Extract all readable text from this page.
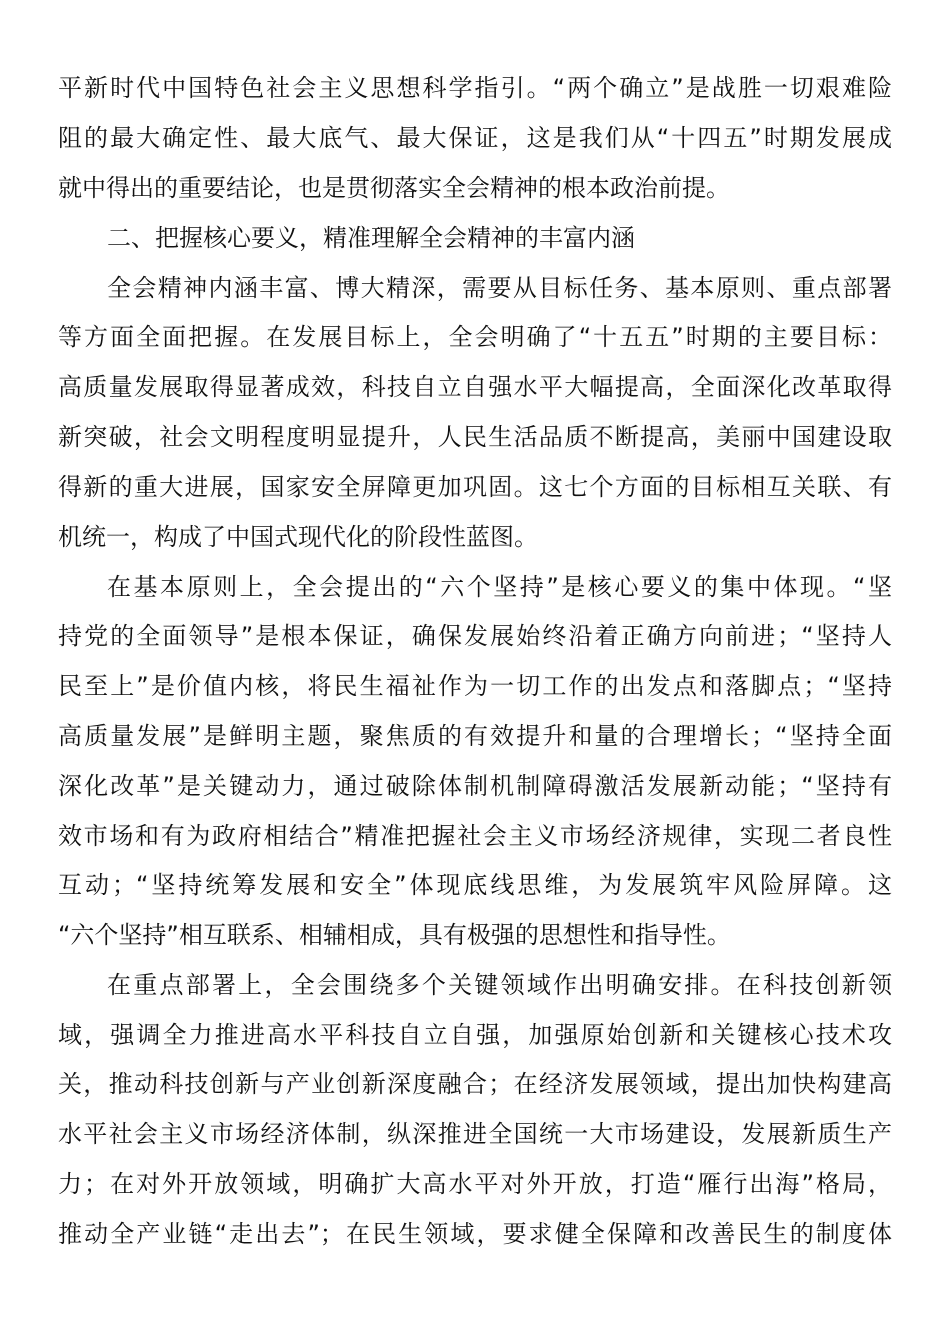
平新时代中国特色社会主义思想科学指引。“两个确立”是战胜一切艰难险
阻的最大确定性、最大底气、最大保证，这是我们从“十四五”时期发展成
就中得出的重要结论，也是贯彻落实全会精神的根本政治前提。
二、把握核心要义，精准理解全会精神的丰富内涵
全会精神内涵丰富、博大精深，需要从目标任务、基本原则、重点部署
等方面全面把握。在发展目标上，全会明确了“十五五”时期的主要目标：
高质量发展取得显著成效，科技自立自强水平大幅提高，全面深化改革取得
新突破，社会文明程度明显提升，人民生活品质不断提高，美丽中国建设取
得新的重大进展，国家安全屏障更加巩固。这七个方面的目标相互关联、有
机统一，构成了中国式现代化的阶段性蓝图。
在基本原则上，全会提出的“六个坚持”是核心要义的集中体现。“坚
持党的全面领导”是根本保证，确保发展始终沿着正确方向前进；“坚持人
民至上”是价值内核，将民生福祉作为一切工作的出发点和落脚点；“坚持
高质量发展”是鲜明主题，聚焦质的有效提升和量的合理增长；“坚持全面
深化改革”是关键动力，通过破除体制机制障碍激活发展新动能；“坚持有
效市场和有为政府相结合”精准把握社会主义市场经济规律，实现二者良性
互动；“坚持统筹发展和安全”体现底线思维，为发展筑牢风险屏障。这
“六个坚持”相互联系、相辅相成，具有极强的思想性和指导性。
在重点部署上，全会围绕多个关键领域作出明确安排。在科技创新领
域，强调全力推进高水平科技自立自强，加强原始创新和关键核心技术攻
关，推动科技创新与产业创新深度融合；在经济发展领域，提出加快构建高
水平社会主义市场经济体制，纵深推进全国统一大市场建设，发展新质生产
力；在对外开放领域，明确扩大高水平对外开放，打造“雁行出海”格局，
推动全产业链“走出去”；在民生领域，要求健全保障和改善民生的制度体
